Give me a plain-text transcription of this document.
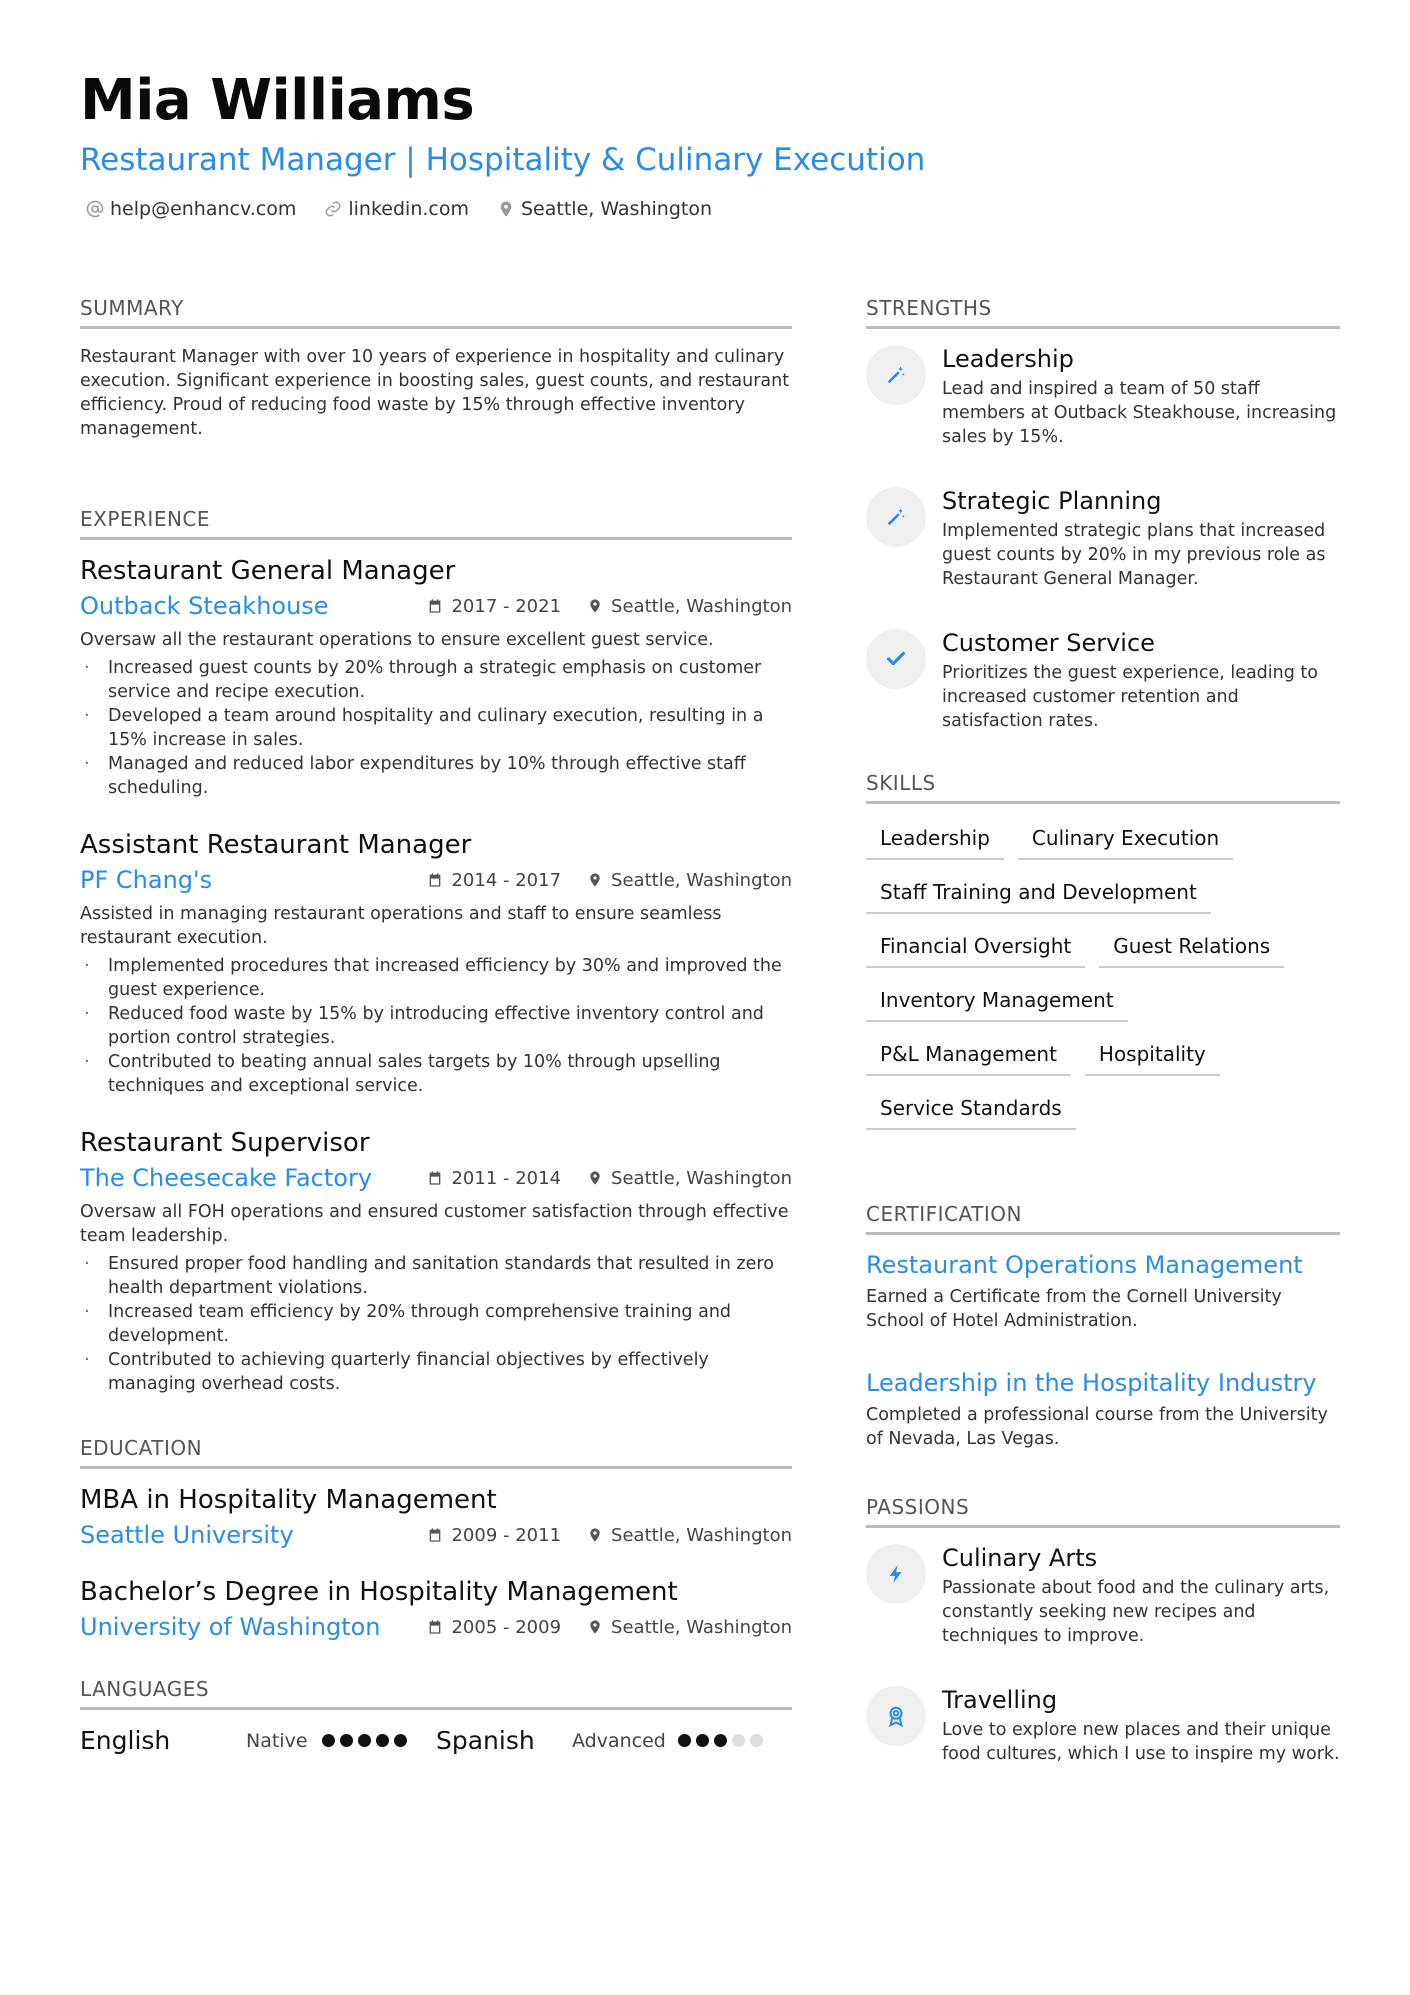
Mia Williams
Restaurant Manager | Hospitality & Culinary Execution
help@enhancv.com	linkedin.com	Seattle, Washington
SUMMARY
Restaurant Manager with over 10 years of experience in hospitality and culinary execution. Significant experience in boosting sales, guest counts, and restaurant efficiency. Proud of reducing food waste by 15% through effective inventory management.
EXPERIENCE
Restaurant General Manager
Outback Steakhouse	2017 - 2021	Seattle, Washington
Oversaw all the restaurant operations to ensure excellent guest service.
· Increased guest counts by 20% through a strategic emphasis on customer service and recipe execution.
· Developed a team around hospitality and culinary execution, resulting in a 15% increase in sales.
· Managed and reduced labor expenditures by 10% through effective staff scheduling.
Assistant Restaurant Manager
PF Chang's	2014 - 2017	Seattle, Washington
Assisted in managing restaurant operations and staff to ensure seamless restaurant execution.
· Implemented procedures that increased efficiency by 30% and improved the guest experience.
· Reduced food waste by 15% by introducing effective inventory control and portion control strategies.
· Contributed to beating annual sales targets by 10% through upselling techniques and exceptional service.
Restaurant Supervisor
The Cheesecake Factory	2011 - 2014	Seattle, Washington
Oversaw all FOH operations and ensured customer satisfaction through effective team leadership.
· Ensured proper food handling and sanitation standards that resulted in zero health department violations.
· Increased team efficiency by 20% through comprehensive training and development.
· Contributed to achieving quarterly financial objectives by effectively managing overhead costs.
EDUCATION
MBA in Hospitality Management
Seattle University	2009 - 2011	Seattle, Washington
Bachelor’s Degree in Hospitality Management
University of Washington	2005 - 2009	Seattle, Washington
LANGUAGES
English	Native	Spanish	Advanced
STRENGTHS
Leadership
Lead and inspired a team of 50 staff members at Outback Steakhouse, increasing sales by 15%.
Strategic Planning
Implemented strategic plans that increased guest counts by 20% in my previous role as Restaurant General Manager.
Customer Service
Prioritizes the guest experience, leading to increased customer retention and satisfaction rates.
SKILLS
Leadership	Culinary Execution
Staff Training and Development
Financial Oversight	Guest Relations
Inventory Management
P&L Management	Hospitality
Service Standards
CERTIFICATION
Restaurant Operations Management
Earned a Certificate from the Cornell University School of Hotel Administration.
Leadership in the Hospitality Industry
Completed a professional course from the University of Nevada, Las Vegas.
PASSIONS
Culinary Arts
Passionate about food and the culinary arts, constantly seeking new recipes and techniques to improve.
Travelling
Love to explore new places and their unique food cultures, which I use to inspire my work.
